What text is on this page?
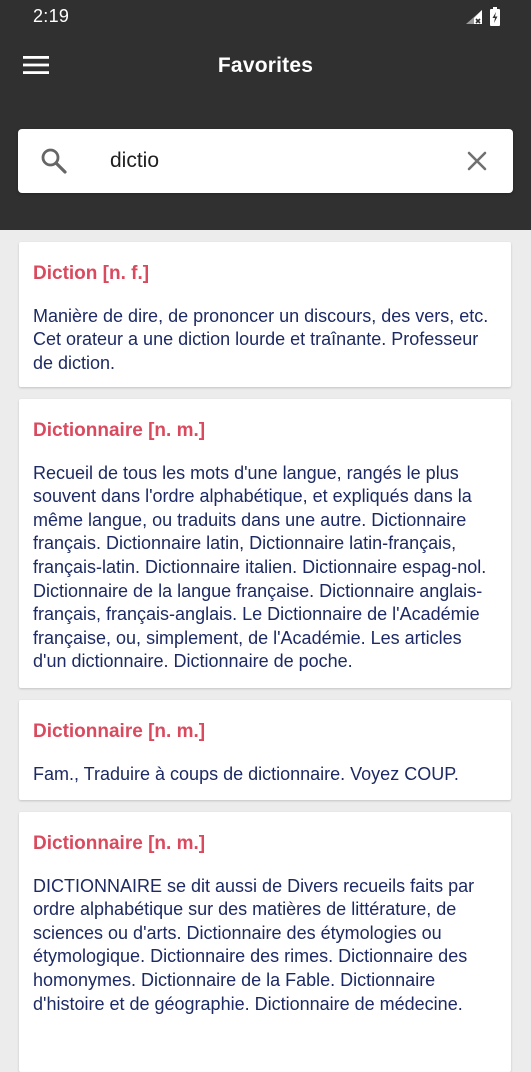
2:19
Favorites
dictio

Diction [n. f.]

Manière de dire, de prononcer un discours, des vers, etc. Cet orateur a une diction lourde et traînante. Professeur de diction.

Dictionnaire [n. m.]

Recueil de tous les mots d'une langue, rangés le plus souvent dans l'ordre alphabétique, et expliqués dans la même langue, ou traduits dans une autre. Dictionnaire français. Dictionnaire latin, Dictionnaire latin-français, français-latin. Dictionnaire italien. Dictionnaire espag-nol. Dictionnaire de la langue française. Dictionnaire anglais- français, français-anglais. Le Dictionnaire de l'Académie française, ou, simplement, de l'Académie. Les articles d'un dictionnaire. Dictionnaire de poche.

Dictionnaire [n. m.]

Fam., Traduire à coups de dictionnaire. Voyez COUP.

Dictionnaire [n. m.]

DICTIONNAIRE se dit aussi de Divers recueils faits par ordre alphabétique sur des matières de littérature, de sciences ou d'arts. Dictionnaire des étymologies ou étymologique. Dictionnaire des rimes. Dictionnaire des homonymes. Dictionnaire de la Fable. Dictionnaire d'histoire et de géographie. Dictionnaire de médecine.
